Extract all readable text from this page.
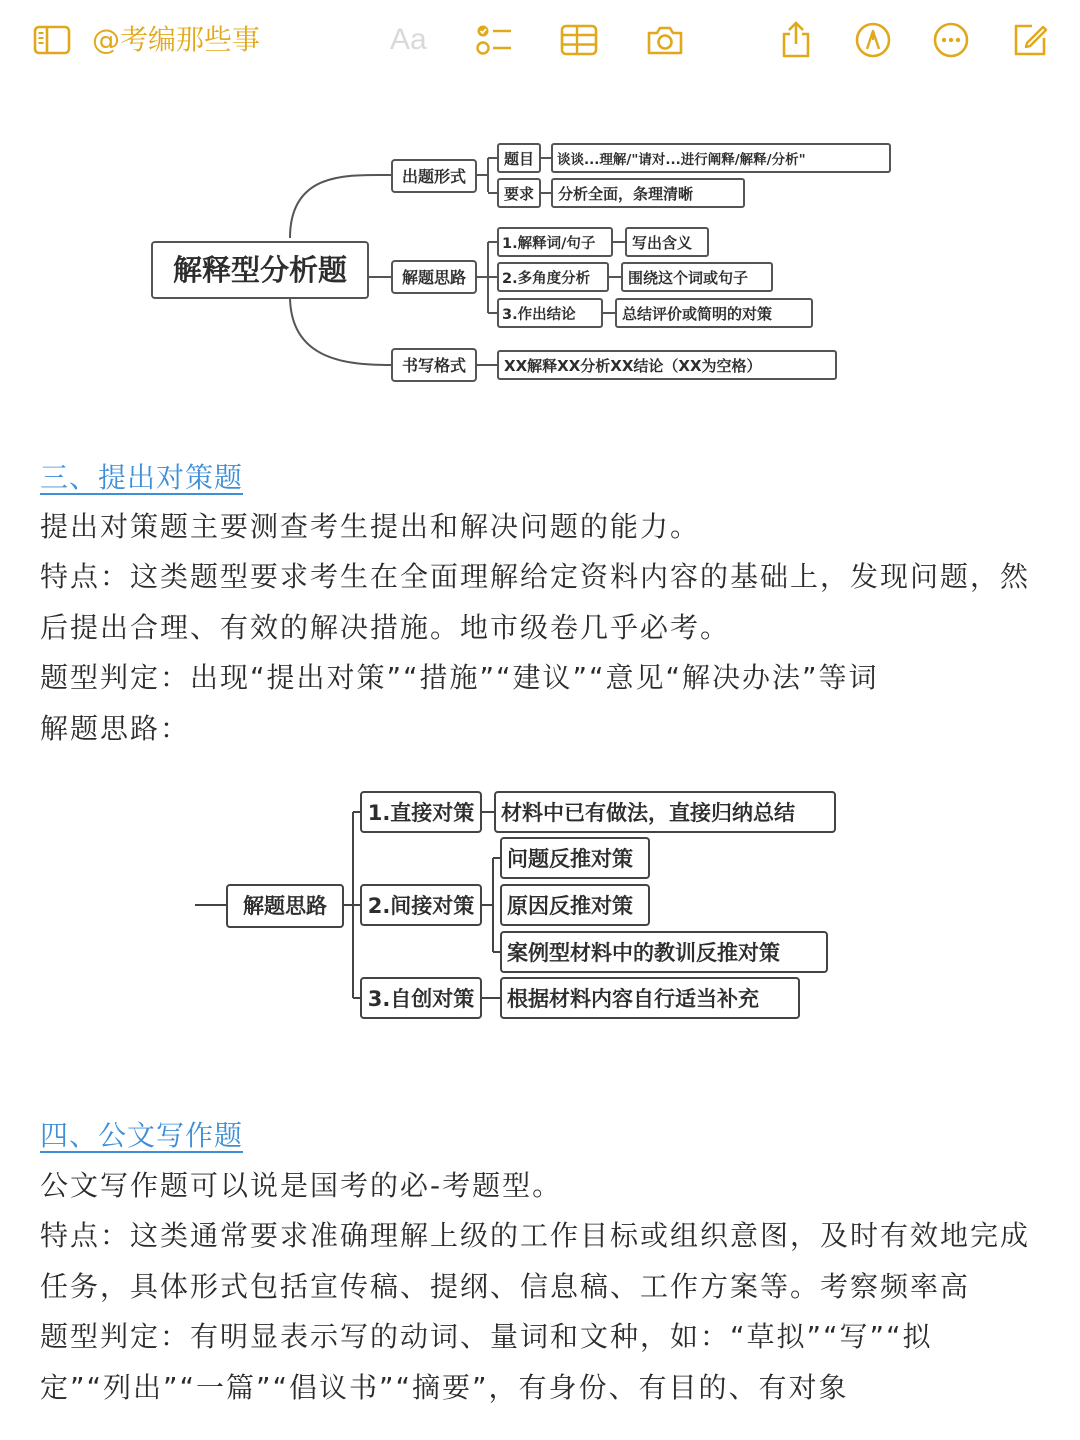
@考编那些事	Aa
解释型分析题
出题形式
解题思路
书写格式
题目 谈谈...理解/"请对...进行阐释/解释/分析"
要求 分析全面，条理清晰
1.解释词/句子 写出含义
2.多角度分析	围绕这个词或句子
3.作出结论	总结评价或简明的对策
XX解释XX分析XX结论（XX为空格）
三、提出对策题

提出对策题主要测查考生提出和解决问题的能力。

特点：这类题型要求考生在全面理解给定资料内容的基础上，发现问题，然

后提出合理、有效的解决措施。地市级卷几乎必考。

题型判定：出现“提出对策”“措施”“建议”“意见“解决办法”等词

解题思路：

解题思路
1.直接对策 材料中已有做法，直接归纳总结
2.间接对策
问题反推对策
原因反推对策
案例型材料中的教训反推对策
3.自创对策 根据材料内容自行适当补充
四、公文写作题

公文写作题可以说是国考的必-考题型。

特点：这类通常要求准确理解上级的工作目标或组织意图，及时有效地完成

任务，具体形式包括宣传稿、提纲、信息稿、工作方案等。考察频率高

题型判定：有明显表示写的动词、量词和文种，如：“草拟”“写”“拟

定”“列出”“一篇”“倡议书”“摘要”，有身份、有目的、有对象
